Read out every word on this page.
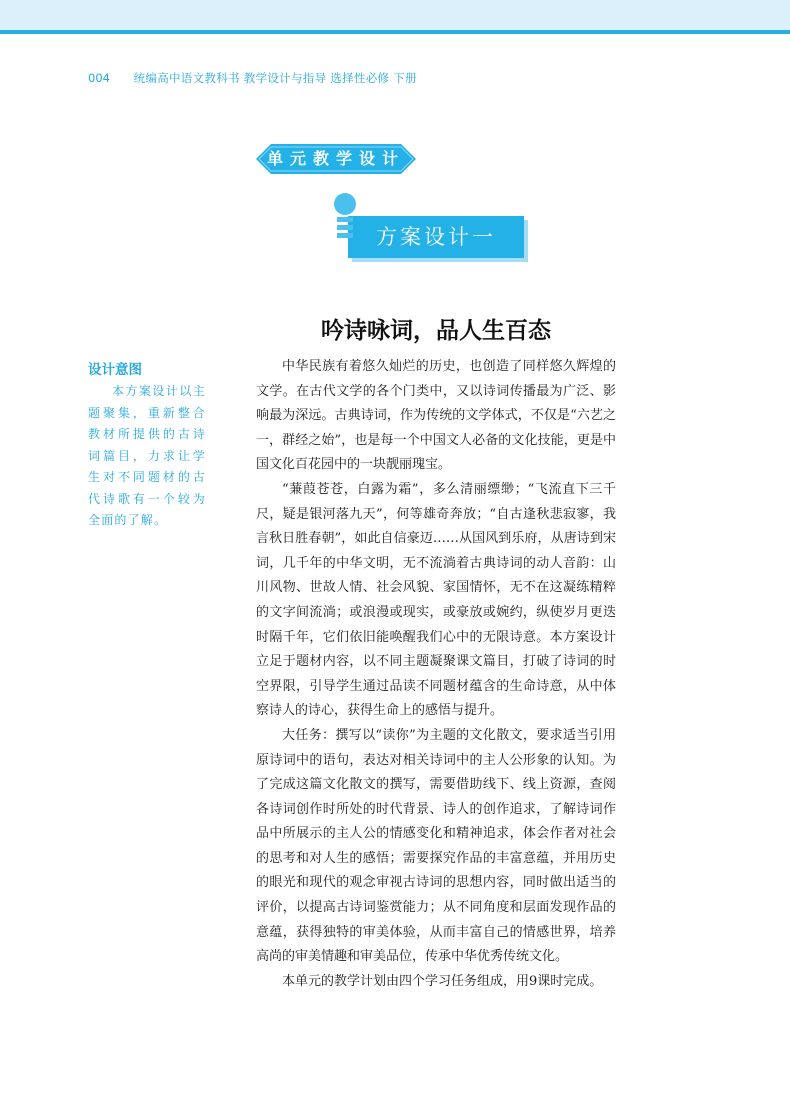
004 统编高中语文教科书 教学设计与指导 选择性必修 下册
单元教学设计
方案设计一
吟诗咏词，品人生百态
设计意图
本方案设计以主题聚集，重新整合教材所提供的古诗词篇目，力求让学生对不同题材的古代诗歌有一个较为全面的了解。

中华民族有着悠久灿烂的历史，也创造了同样悠久辉煌的文学。在古代文学的各个门类中，又以诗词传播最为广泛、影响最为深远。古典诗词，作为传统的文学体式，不仅是“六艺之一，群经之始”，也是每一个中国文人必备的文化技能，更是中国文化百花园中的一块靓丽瑰宝。

“蒹葭苍苍，白露为霜”，多么清丽缥缈；“飞流直下三千尺，疑是银河落九天”，何等雄奇奔放；“自古逢秋悲寂寥，我言秋日胜春朝”，如此自信豪迈……从国风到乐府，从唐诗到宋词，几千年的中华文明，无不流淌着古典诗词的动人音韵：山川风物、世故人情、社会风貌、家国情怀，无不在这凝练精粹的文字间流淌；或浪漫或现实，或豪放或婉约，纵使岁月更迭时隔千年，它们依旧能唤醒我们心中的无限诗意。本方案设计立足于题材内容，以不同主题凝聚课文篇目，打破了诗词的时空界限，引导学生通过品读不同题材蕴含的生命诗意，从中体察诗人的诗心，获得生命上的感悟与提升。

大任务：撰写以“读你”为主题的文化散文，要求适当引用原诗词中的语句，表达对相关诗词中的主人公形象的认知。为了完成这篇文化散文的撰写，需要借助线下、线上资源，查阅各诗词创作时所处的时代背景、诗人的创作追求，了解诗词作品中所展示的主人公的情感变化和精神追求，体会作者对社会的思考和对人生的感悟；需要探究作品的丰富意蕴，并用历史的眼光和现代的观念审视古诗词的思想内容，同时做出适当的评价，以提高古诗词鉴赏能力；从不同角度和层面发现作品的意蕴，获得独特的审美体验，从而丰富自己的情感世界，培养高尚的审美情趣和审美品位，传承中华优秀传统文化。

本单元的教学计划由四个学习任务组成，用9课时完成。
